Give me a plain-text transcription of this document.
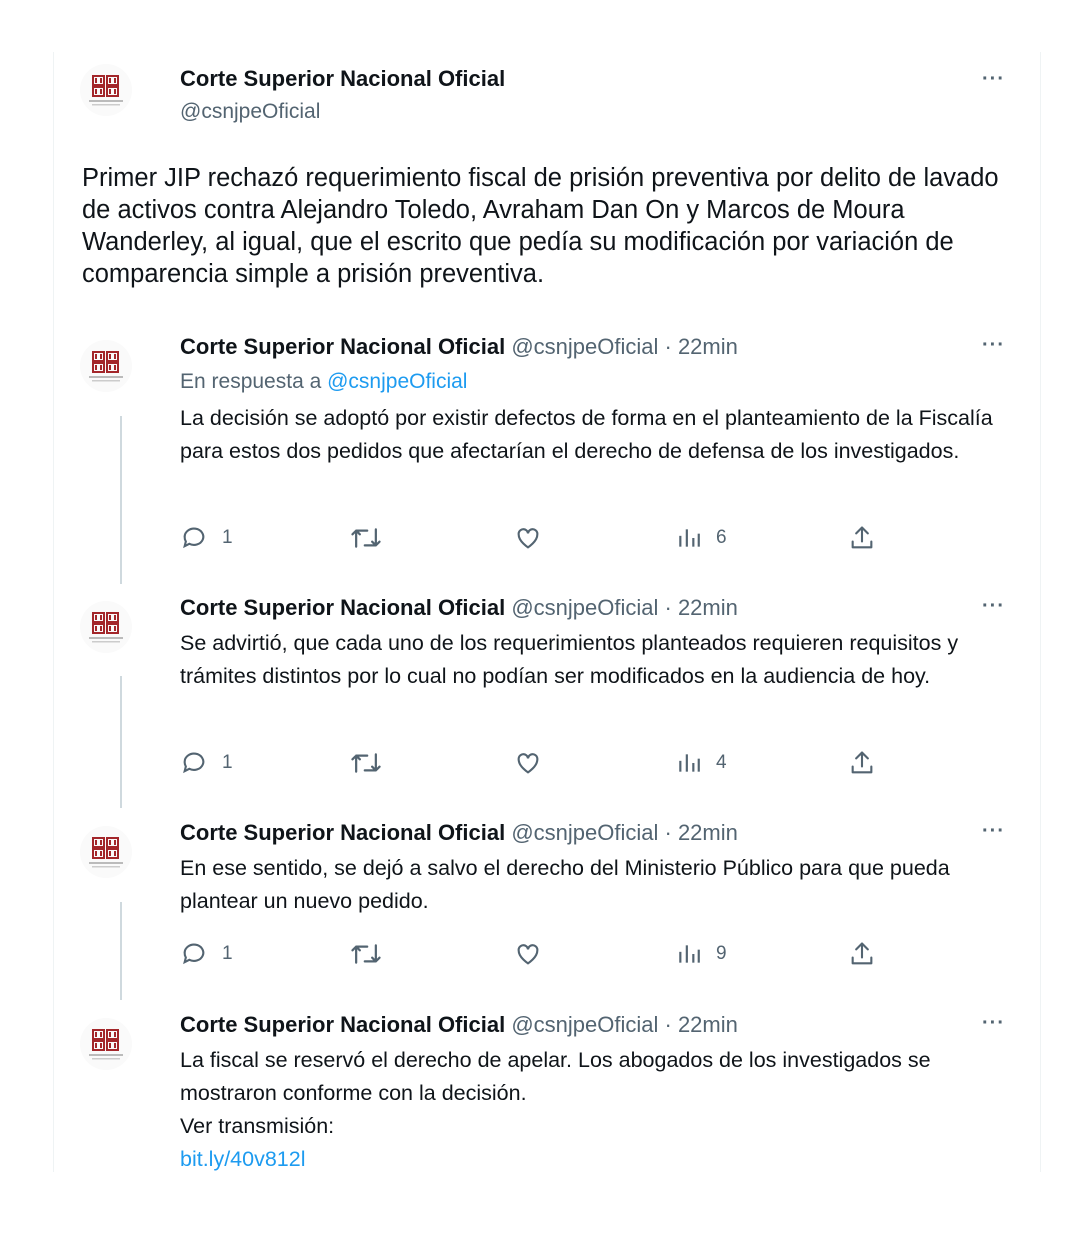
Corte Superior Nacional Oficial
@csnjpeOficial
···
Primer JIP rechazó requerimiento fiscal de prisión preventiva por delito de lavado de activos contra Alejandro Toledo, Avraham Dan On y Marcos de Moura Wanderley, al igual, que el escrito que pedía su modificación por variación de comparencia simple a prisión preventiva.
Corte Superior Nacional Oficial @csnjpeOficial · 22min	···
En respuesta a @csnjpeOficial
La decisión se adoptó por existir defectos de forma en el planteamiento de la Fiscalía para estos dos pedidos que afectarían el derecho de defensa de los investigados.
1	6
Corte Superior Nacional Oficial @csnjpeOficial · 22min	···
Se advirtió, que cada uno de los requerimientos planteados requieren requisitos y trámites distintos por lo cual no podían ser modificados en la audiencia de hoy.
1	4
Corte Superior Nacional Oficial @csnjpeOficial · 22min	···
En ese sentido, se dejó a salvo el derecho del Ministerio Público para que pueda plantear un nuevo pedido.
1	9
Corte Superior Nacional Oficial @csnjpeOficial · 22min	···
La fiscal se reservó el derecho de apelar. Los abogados de los investigados se mostraron conforme con la decisión.
Ver transmisión:
bit.ly/40v812l
